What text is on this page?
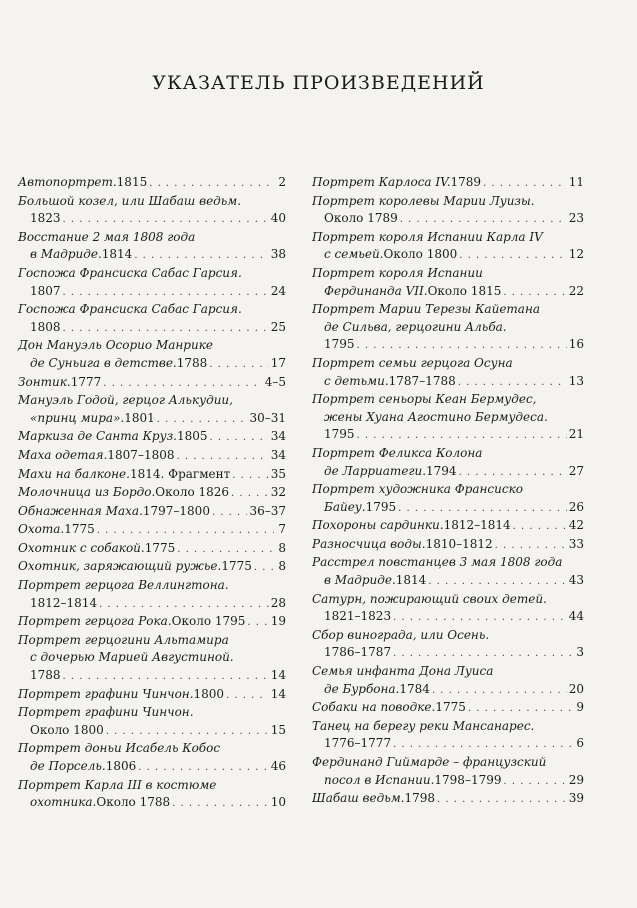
УКАЗАТЕЛЬ ПРОИЗВЕДЕНИЙ
Автопортрет. 1815 . . .	2
Большой козел, или Шабаш ведьм.
1823 . . .	40
Восстание 2 мая 1808 года
в Мадриде. 1814 . . .	38
Госпожа Франсиска Сабас Гарсия.
1807 . . .	24
Госпожа Франсиска Сабас Гарсия.
1808 . . .	25
Дон Мануэль Осорио Манрике
де Суньига в детстве. 1788 . . .	17
Зонтик. 1777 . . .	4–5
Мануэль Годой, герцог Алькудии,
«принц мира». 1801 . . .	30–31
Маркиза де Санта Круз. 1805 . . .	34
Маха одетая. 1807–1808 . . .	34
Махи на балконе. 1814. Фрагмент . . .	35
Молочница из Бордо. Около 1826 . . .	32
Обнаженная Маха. 1797–1800 . . .	36–37
Охота. 1775 . . .	7
Охотник с собакой. 1775 . . .	8
Охотник, заряжающий ружье. 1775 . . . 8
Портрет герцога Веллингтона.
1812–1814 . . .	28
Портрет герцога Рока. Около 1795 . . . 19
Портрет герцогини Альтамира
с дочерью Марией Августиной.
1788 . . .	14
Портрет графини Чинчон. 1800 . . .	14
Портрет графини Чинчон.
Около 1800 . . .	15
Портрет доньи Исабель Кобос
де Порсель. 1806 . . .	46
Портрет Карла III в костюме
охотника. Около 1788 . . .	10
Портрет Карлоса IV. 1789 . . .	11
Портрет королевы Марии Луизы.
Около 1789 . . .	23
Портрет короля Испании Карла IV
с семьей. Около 1800 . . .	12
Портрет короля Испании
Фердинанда VII. Около 1815 . . .	22
Портрет Марии Терезы Кайетана
де Сильва, герцогини Альба.
1795 . . .	16
Портрет семьи герцога Осуна
с детьми. 1787–1788 . . .	13
Портрет сеньоры Кеан Бермудес,
жены Хуана Агостино Бермудеса.
1795 . . .	21
Портрет Феликса Колона
де Ларриатеги. 1794 . . .	27
Портрет художника Франсиско
Байеу. 1795 . . .	26
Похороны сардинки. 1812–1814 . . .	42
Разносчица воды. 1810–1812 . . .	33
Расстрел повстанцев 3 мая 1808 года
в Мадриде. 1814 . . .	43
Сатурн, пожирающий своих детей.
1821–1823 . . .	44
Сбор винограда, или Осень.
1786–1787 . . .	3
Семья инфанта Дона Луиса
де Бурбона. 1784 . . .	20
Собаки на поводке. 1775 . . .	9
Танец на берегу реки Мансанарес.
1776–1777 . . .	6
Фердинанд Гиймарде – французский
посол в Испании. 1798–1799 . . .	29
Шабаш ведьм. 1798 . . .	39
